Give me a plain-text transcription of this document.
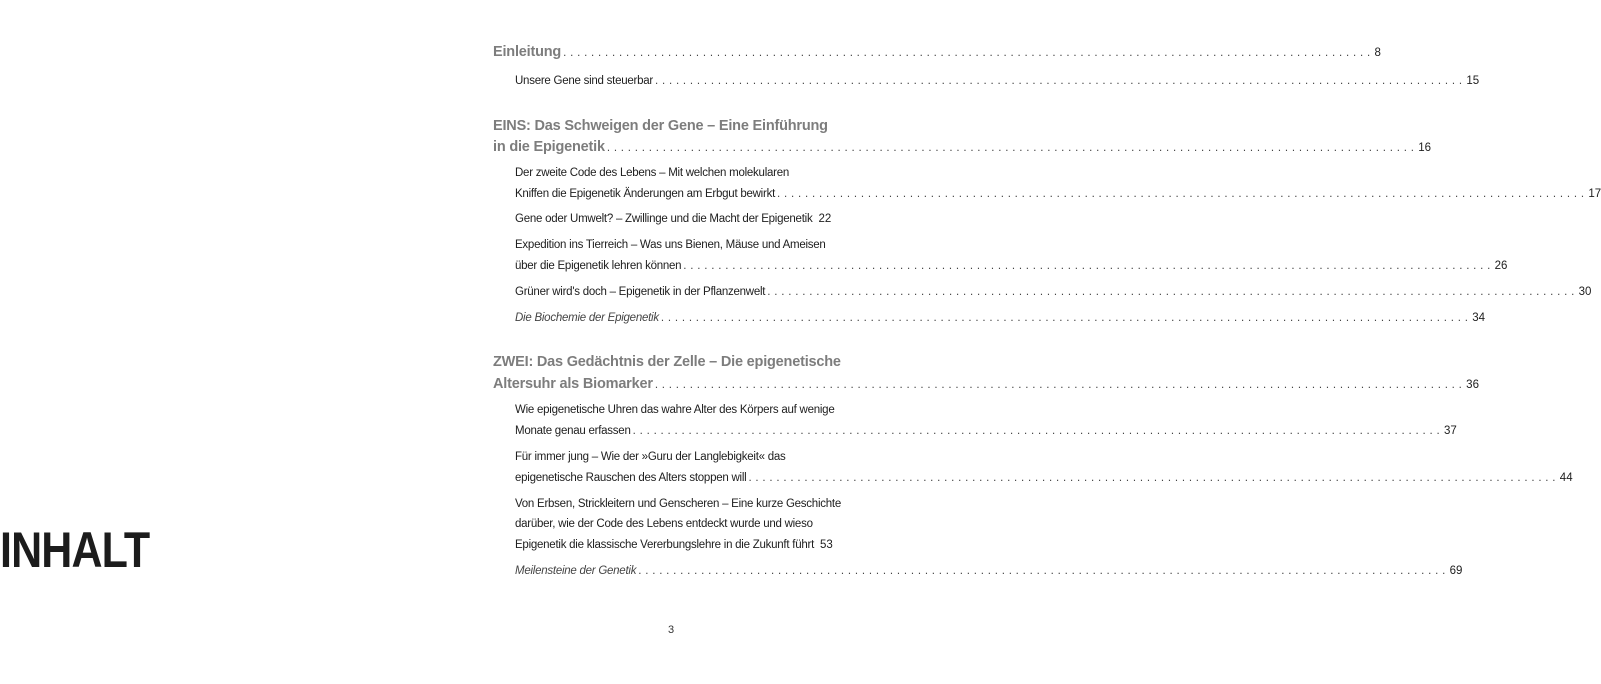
INHALT
Einleitung . . .	8
Unsere Gene sind steuerbar . . .	15
EINS: Das Schweigen der Gene – Eine Einführung
in die Epigenetik . . .	16
Der zweite Code des Lebens – Mit welchen molekularen
Kniffen die Epigenetik Änderungen am Erbgut bewirkt . . .	17
Gene oder Umwelt? – Zwillinge und die Macht der Epigenetik 22
Expedition ins Tierreich – Was uns Bienen, Mäuse und Ameisen
über die Epigenetik lehren können . . .	26
Grüner wird's doch – Epigenetik in der Pflanzenwelt . . .	30
Die Biochemie der Epigenetik . . .	34
ZWEI: Das Gedächtnis der Zelle – Die epigenetische
Altersuhr als Biomarker . . .	36
Wie epigenetische Uhren das wahre Alter des Körpers auf wenige
Monate genau erfassen . . .	37
Für immer jung – Wie der »Guru der Langlebigkeit« das
epigenetische Rauschen des Alters stoppen will . . .	44
Von Erbsen, Strickleitern und Genscheren – Eine kurze Geschichte
darüber, wie der Code des Lebens entdeckt wurde und wieso
Epigenetik die klassische Vererbungslehre in die Zukunft führt 53
Meilensteine der Genetik . . .	69
3
